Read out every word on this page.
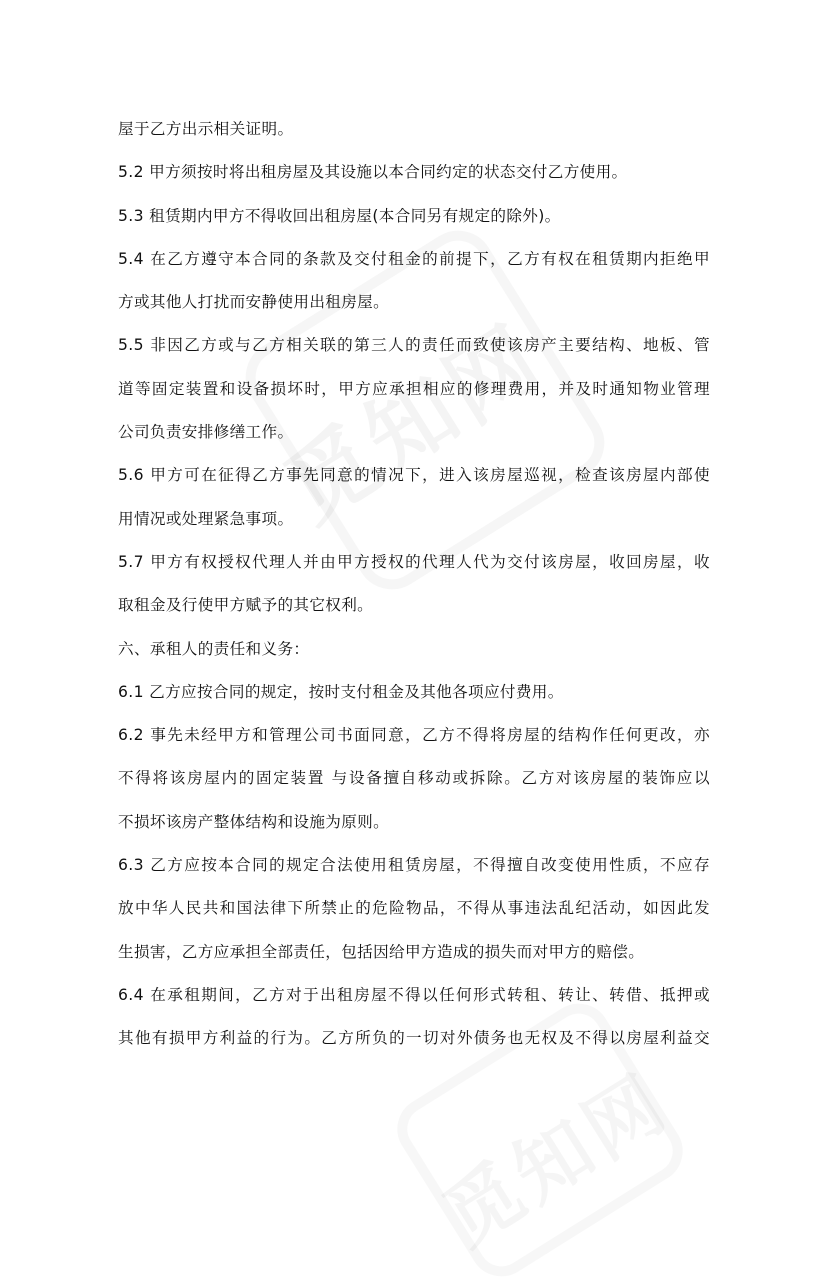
屋于乙方出示相关证明。
5.2 甲方须按时将出租房屋及其设施以本合同约定的状态交付乙方使用。
5.3 租赁期内甲方不得收回出租房屋(本合同另有规定的除外)。
5.4 在乙方遵守本合同的条款及交付租金的前提下，乙方有权在租赁期内拒绝甲
方或其他人打扰而安静使用出租房屋。
5.5 非因乙方或与乙方相关联的第三人的责任而致使该房产主要结构、地板、管
道等固定装置和设备损坏时，甲方应承担相应的修理费用，并及时通知物业管理
公司负责安排修缮工作。
5.6 甲方可在征得乙方事先同意的情况下，进入该房屋巡视，检查该房屋内部使
用情况或处理紧急事项。
5.7 甲方有权授权代理人并由甲方授权的代理人代为交付该房屋，收回房屋，收
取租金及行使甲方赋予的其它权利。
六、承租人的责任和义务：
6.1 乙方应按合同的规定，按时支付租金及其他各项应付费用。
6.2 事先未经甲方和管理公司书面同意，乙方不得将房屋的结构作任何更改，亦
不得将该房屋内的固定装置 与设备擅自移动或拆除。乙方对该房屋的装饰应以
不损坏该房产整体结构和设施为原则。
6.3 乙方应按本合同的规定合法使用租赁房屋，不得擅自改变使用性质，不应存
放中华人民共和国法律下所禁止的危险物品，不得从事违法乱纪活动，如因此发
生损害，乙方应承担全部责任，包括因给甲方造成的损失而对甲方的赔偿。
6.4 在承租期间，乙方对于出租房屋不得以任何形式转租、转让、转借、抵押或
其他有损甲方利益的行为。乙方所负的一切对外债务也无权及不得以房屋利益交
